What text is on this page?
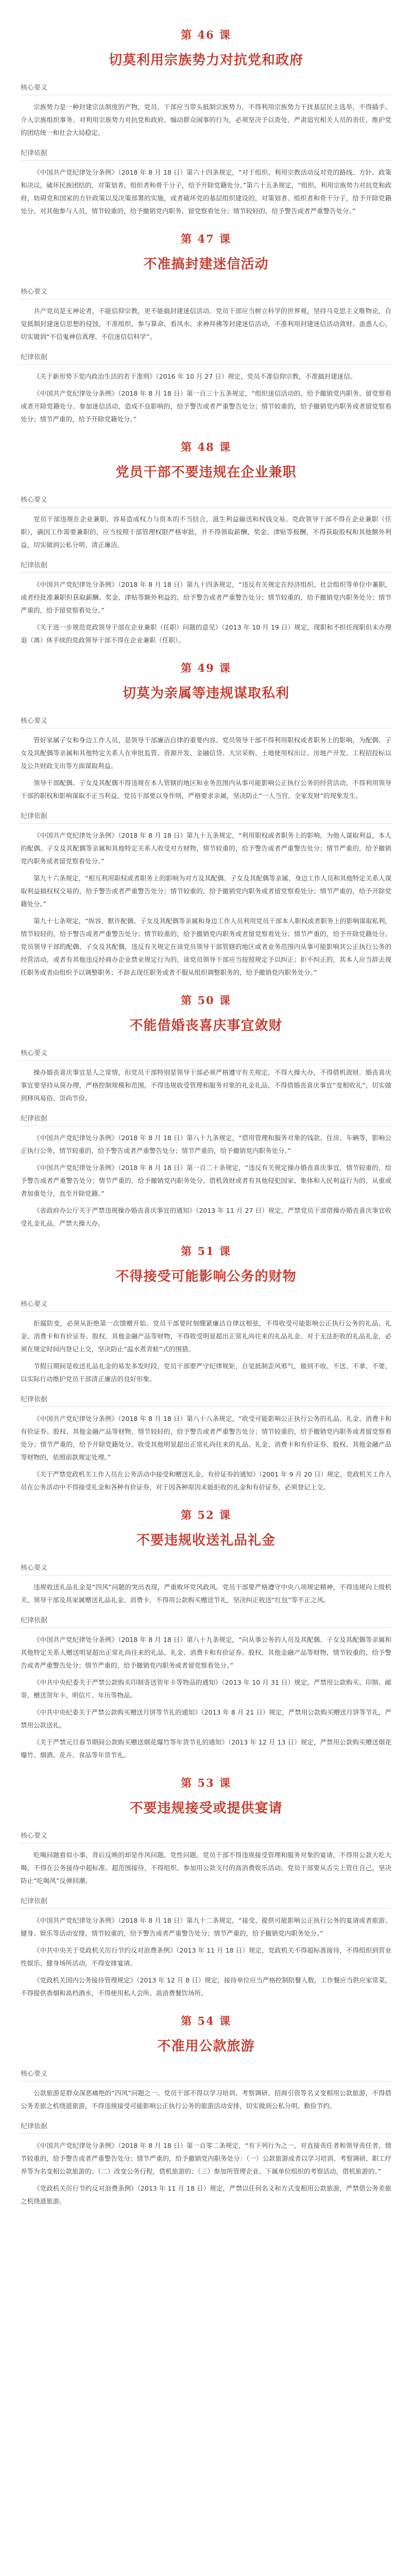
第 46 课
切莫利用宗族势力对抗党和政府
核心要义

宗族势力是一种封建宗法制度的产物，党员、干部应当带头抵制宗族势力，不得利用宗族势力干扰基层民主选举，不得插手、介入宗族组织事务。对利用宗族势力对抗党和政府、煽动群众闹事的行为，必须坚决予以查处，严肃追究相关人员的责任，维护党的团结统一和社会大局稳定。

纪律依据

《中国共产党纪律处分条例》（2018 年 8 月 18 日）第六十四条规定，“对于组织、利用宗教活动反对党的路线、方针、政策和决议，破坏民族团结的，对策划者、组织者和骨干分子，给予开除党籍处分。”第六十五条规定，“组织、利用宗族势力对抗党和政府，妨碍党和国家的方针政策以及决策部署的实施，或者破坏党的基层组织建设的，对策划者、组织者和骨干分子，给予开除党籍处分。对其他参与人员，情节较重的，给予撤销党内职务、留党察看处分；情节较轻的，给予警告或者严重警告处分。”

第 47 课
不准搞封建迷信活动
核心要义

共产党员是无神论者，不能信仰宗教，更不能搞封建迷信活动。党员干部应当树立科学的世界观，坚持马克思主义唯物论，自觉抵制封建迷信思想的侵蚀，不准组织、参与算命、看风水、求神拜佛等封建迷信活动，不准利用封建迷信活动敛财、蛊惑人心，切实做到“不信鬼神信真理、不信迷信信科学”。

纪律依据

《关于新形势下党内政治生活的若干准则》（2016 年 10 月 27 日）规定，党员不准信仰宗教，不准搞封建迷信。

《中国共产党纪律处分条例》（2018 年 8 月 18 日）第一百三十五条规定，“组织迷信活动的，给予撤销党内职务、留党察看或者开除党籍处分。参加迷信活动，造成不良影响的，给予警告或者严重警告处分；情节较重的，给予撤销党内职务或者留党察看处分；情节严重的，给予开除党籍处分。”

第 48 课
党员干部不要违规在企业兼职
核心要义

党员干部违规在企业兼职，容易造成权力与资本的不当结合，滋生利益输送和权钱交易。党政领导干部不得在企业兼职（任职），确因工作需要兼职的，应当按照干部管理权限严格审批，并不得领取薪酬、奖金、津贴等报酬，不得获取股权和其他额外利益，切实做到公私分明、清正廉洁。

纪律依据

《中国共产党纪律处分条例》（2018 年 8 月 18 日）第九十四条规定，“违反有关规定在经济组织、社会组织等单位中兼职，或者经批准兼职但获取薪酬、奖金、津贴等额外利益的，给予警告或者严重警告处分；情节较重的，给予撤销党内职务处分；情节严重的，给予留党察看处分。”

《关于进一步规范党政领导干部在企业兼职（任职）问题的意见》（2013 年 10 月 19 日）规定，现职和不担任现职但未办理退（离）休手续的党政领导干部不得在企业兼职（任职）。

第 49 课
切莫为亲属等违规谋取私利
核心要义

管好家属子女和身边工作人员，是领导干部廉洁自律的重要内容。党员领导干部不得利用职权或者职务上的影响，为配偶、子女及其配偶等亲属和其他特定关系人在审批监管、资源开发、金融信贷、大宗采购、土地使用权出让、房地产开发、工程招投标以及公共财政支出等方面谋取利益。

领导干部配偶、子女及其配偶不得违规在本人管辖的地区和业务范围内从事可能影响公正执行公务的经营活动，不得利用领导干部的职权和影响谋取不正当利益。党员干部要以身作则，严格要求亲属，坚决防止“一人当官、全家发财”的现象发生。

纪律依据

《中国共产党纪律处分条例》（2018 年 8 月 18 日）第九十五条规定，“利用职权或者职务上的影响，为他人谋取利益，本人的配偶、子女及其配偶等亲属和其他特定关系人收受对方财物，情节较重的，给予警告或者严重警告处分；情节严重的，给予撤销党内职务或者留党察看处分。”

第九十六条规定，“相互利用职权或者职务上的影响为对方及其配偶、子女及其配偶等亲属、身边工作人员和其他特定关系人谋取利益搞权权交易的，给予警告或者严重警告处分；情节较重的，给予撤销党内职务或者留党察看处分；情节严重的，给予开除党籍处分。”

第九十七条规定，“纵容、默许配偶、子女及其配偶等亲属和身边工作人员利用党员干部本人职权或者职务上的影响谋取私利，情节较轻的，给予警告或者严重警告处分；情节较重的，给予撤销党内职务或者留党察看处分；情节严重的，给予开除党籍处分。党员领导干部的配偶、子女及其配偶，违反有关规定在该党员领导干部管辖的地区或者业务范围内从事可能影响其公正执行公务的经营活动，或者有其他违反经商办企业禁业规定行为的，该党员领导干部应当按照规定予以纠正；拒不纠正的，其本人应当辞去现任职务或者由组织予以调整职务；不辞去现任职务或者不服从组织调整职务的，给予撤销党内职务处分。”

第 50 课
不能借婚丧喜庆事宜敛财
核心要义

操办婚丧喜庆事宜是人之常情，但党员干部特别是领导干部必须严格遵守有关规定，不得大操大办，不得借机敛财。婚丧喜庆事宜要坚持从简办理，严格控制规模和范围，不得违规收受管理和服务对象的礼金礼品，不得借婚丧喜庆事宜“变相收礼”，切实做到移风易俗、崇尚节俭。

纪律依据

《中国共产党纪律处分条例》（2018 年 8 月 18 日）第八十九条规定，“借用管理和服务对象的钱款、住房、车辆等，影响公正执行公务，情节较重的，给予警告或者严重警告处分；情节严重的，给予撤销党内职务处分。”

《中国共产党纪律处分条例》（2018 年 8 月 18 日）第一百二十条规定，“违反有关规定操办婚丧喜庆事宜，情节较重的，给予警告或者严重警告处分；情节严重的，给予撤销党内职务处分。借机敛财或者有其他侵犯国家、集体和人民利益行为的，从重或者加重处分，直至开除党籍。”

《省政府办公厅关于严禁违规操办婚丧喜庆事宜的通知》（2013 年 11 月 27 日）规定，严禁党员干部借操办婚丧喜庆事宜收受礼金礼品，严禁大操大办。

第 51 课
不得接受可能影响公务的财物
核心要义

拒腐防变，必须从拒绝第一次馈赠开始。党员干部要时刻绷紧廉洁自律这根弦，不得收受可能影响公正执行公务的礼品、礼金、消费卡和有价证券、股权、其他金融产品等财物，不得收受明显超出正常礼尚往来的礼品礼金。对于无法拒收的礼品礼金，必须在规定时间内登记上交，坚决防止“温水煮青蛙”式的围猎。

节假日期间是收送礼品礼金的易发多发时段，党员干部要严守纪律规矩，自觉抵制歪风邪气，做到不收、不送、不拿、不要，以实际行动维护党员干部清正廉洁的良好形象。

纪律依据

《中国共产党纪律处分条例》（2018 年 8 月 18 日）第八十八条规定，“收受可能影响公正执行公务的礼品、礼金、消费卡和有价证券、股权、其他金融产品等财物，情节较轻的，给予警告或者严重警告处分；情节较重的，给予撤销党内职务或者留党察看处分；情节严重的，给予开除党籍处分。收受其他明显超出正常礼尚往来的礼品、礼金、消费卡和有价证券、股权、其他金融产品等财物的，依照前款规定处理。”

《关于严禁党政机关工作人员在公务活动中接受和赠送礼金、有价证券的通知》（2001 年 9 月 20 日）规定，党政机关工作人员在公务活动中不得接受礼金和各种有价证券，对于因各种原因未能拒收的礼金和有价证券，必须登记上交。

第 52 课
不要违规收送礼品礼金
核心要义

违规收送礼品礼金是“四风”问题的突出表现，严重败坏党风政风。党员干部要严格遵守中央八项规定精神，不得违规向上级机关、领导干部及其家属赠送礼品礼金、消费卡，不得用公款购买赠送节礼，坚决纠正收送“红包”等不正之风。

纪律依据

《中国共产党纪律处分条例》（2018 年 8 月 18 日）第八十九条规定，“向从事公务的人员及其配偶、子女及其配偶等亲属和其他特定关系人赠送明显超出正常礼尚往来的礼品、礼金、消费卡和有价证券、股权、其他金融产品等财物，情节较重的，给予警告或者严重警告处分；情节严重的，给予撤销党内职务或者留党察看处分。”

《中共中央纪委关于严禁公款购买印制寄送贺年卡等物品的通知》（2013 年 10 月 31 日）规定，严禁用公款购买、印制、邮寄、赠送贺年卡、明信片、年历等物品。

《中共中央纪委关于严禁公款购买赠送月饼等节礼的通知》（2013 年 8 月 21 日）规定，严禁用公款购买赠送月饼等节礼，严禁用公款送礼。

《关于严禁元旦春节期间公款购买赠送烟花爆竹等年货节礼的通知》（2013 年 12 月 13 日）规定，严禁用公款购买赠送烟花爆竹、烟酒、花卉、食品等年货节礼。

第 53 课
不要违规接受或提供宴请
核心要义

吃喝问题看似小事，背后反映的却是作风问题、党性问题。党员干部不得违规接受管理和服务对象的宴请，不得用公款大吃大喝，不得在公务接待中超标准、超范围接待，不得组织、参加用公款支付的高消费娱乐活动。党员干部要从舌尖上管住自己，坚决防止“吃喝风”反弹回潮。

纪律依据

《中国共产党纪律处分条例》（2018 年 8 月 18 日）第九十二条规定，“接受、提供可能影响公正执行公务的宴请或者旅游、健身、娱乐等活动安排，情节较重的，给予警告或者严重警告处分；情节严重的，给予撤销党内职务处分。”

《中共中央关于党政机关厉行节约反对浪费条例》（2013 年 11 月 18 日）规定，党政机关不得超标准接待，不得组织到营业性娱乐、健身场所活动，不得安排宴请。

《党政机关国内公务接待管理规定》（2013 年 12 月 8 日）规定，接待单位应当严格控制陪餐人数，工作餐应当供应家常菜，不得提供香烟和高档酒水，不得使用私人会所、高消费餐饮场所。

第 54 课
不准用公款旅游
核心要义

公款旅游是群众深恶痛绝的“四风”问题之一。党员干部不得以学习培训、考察调研、招商引资等名义变相用公款旅游，不得借公务差旅之机绕道旅游，不得违规接受可能影响公正执行公务的旅游活动安排，切实做到公私分明、勤俭节约。

纪律依据

《中国共产党纪律处分条例》（2018 年 8 月 18 日）第一百零二条规定，“有下列行为之一，对直接责任者和领导责任者，情节较重的，给予警告或者严重警告处分；情节严重的，给予撤销党内职务处分：（一）公款旅游或者以学习培训、考察调研、职工疗养等为名变相公款旅游的；（二）改变公务行程，借机旅游的；（三）参加所管理企业、下属单位组织的考察活动，借机旅游的。”

《党政机关厉行节约反对浪费条例》（2013 年 11 月 18 日）规定，严禁以任何名义和方式变相用公款旅游，严禁借公务差旅之机绕道旅游。
